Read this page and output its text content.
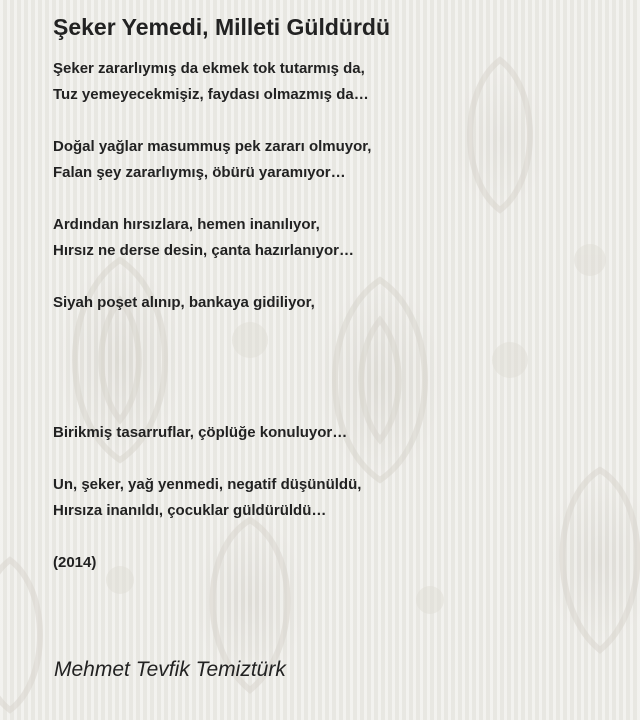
Şeker Yemedi, Milleti Güldürdü
Şeker zararlıymış da ekmek tok tutarmış da,
Tuz yemeyecekmişiz, faydası olmazmış da…
Doğal yağlar masummuş pek zararı olmuyor,
Falan şey zararlıymış, öbürü yaramıyor…
Ardından hırsızlara, hemen inanılıyor,
Hırsız ne derse desin, çanta hazırlanıyor…
Siyah poşet alınıp, bankaya gidiliyor,
Birikmiş tasarruflar, çöplüğe konuluyor…
Un, şeker, yağ yenmedi, negatif düşünüldü,
Hırsıza inanıldı, çocuklar güldürüldü…
(2014)
Mehmet Tevfik Temiztürk
